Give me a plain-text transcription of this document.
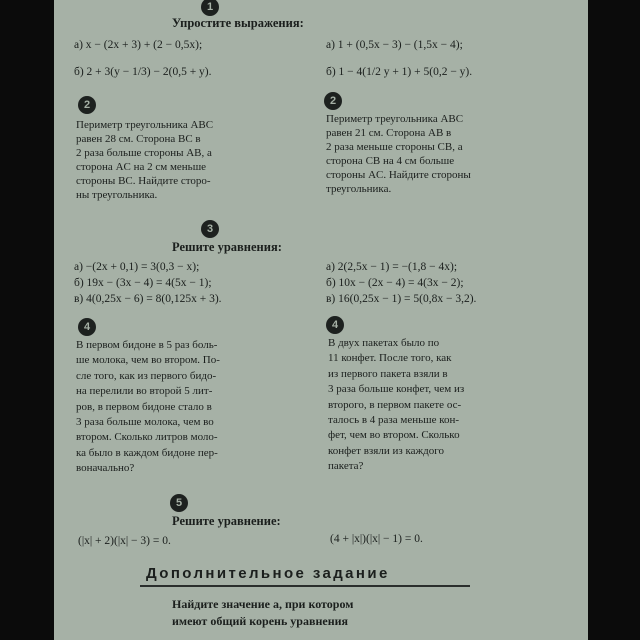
1
Упростите выражения:
а) x − (2x + 3) + (2 − 0,5x);
б) 2 + 3(y − 1/3) − 2(0,5 + y).
а) 1 + (0,5x − 3) − (1,5x − 4);
б) 1 − 4(1/2 y + 1) + 5(0,2 − y).
2	2
Периметр треугольника ABC
равен 28 см. Сторона BC в
2 раза больше стороны AB, а
сторона AC на 2 см меньше
стороны BC. Найдите сторо-
ны треугольника.
Периметр треугольника ABC
равен 21 см. Сторона AB в
2 раза меньше стороны CB, а
сторона CB на 4 см больше
стороны AC. Найдите стороны
треугольника.
3
Решите уравнения:
а) −(2x + 0,1) = 3(0,3 − x);
б) 19x − (3x − 4) = 4(5x − 1);
в) 4(0,25x − 6) = 8(0,125x + 3).
а) 2(2,5x − 1) = −(1,8 − 4x);
б) 10x − (2x − 4) = 4(3x − 2);
в) 16(0,25x − 1) = 5(0,8x − 3,2).
4	4
В первом бидоне в 5 раз боль-
ше молока, чем во втором. По-
сле того, как из первого бидо-
на перелили во второй 5 лит-
ров, в первом бидоне стало в
3 раза больше молока, чем во
втором. Сколько литров моло-
ка было в каждом бидоне пер-
воначально?
В двух пакетах было по
11 конфет. После того, как
из первого пакета взяли в
3 раза больше конфет, чем из
второго, в первом пакете ос-
талось в 4 раза меньше кон-
фет, чем во втором. Сколько
конфет взяли из каждого
пакета?
5
Решите уравнение:
(|x| + 2)(|x| − 3) = 0.	(4 + |x|)(|x| − 1) = 0.
Дополнительное задание
Найдите значение a, при котором
имеют общий корень уравнения
